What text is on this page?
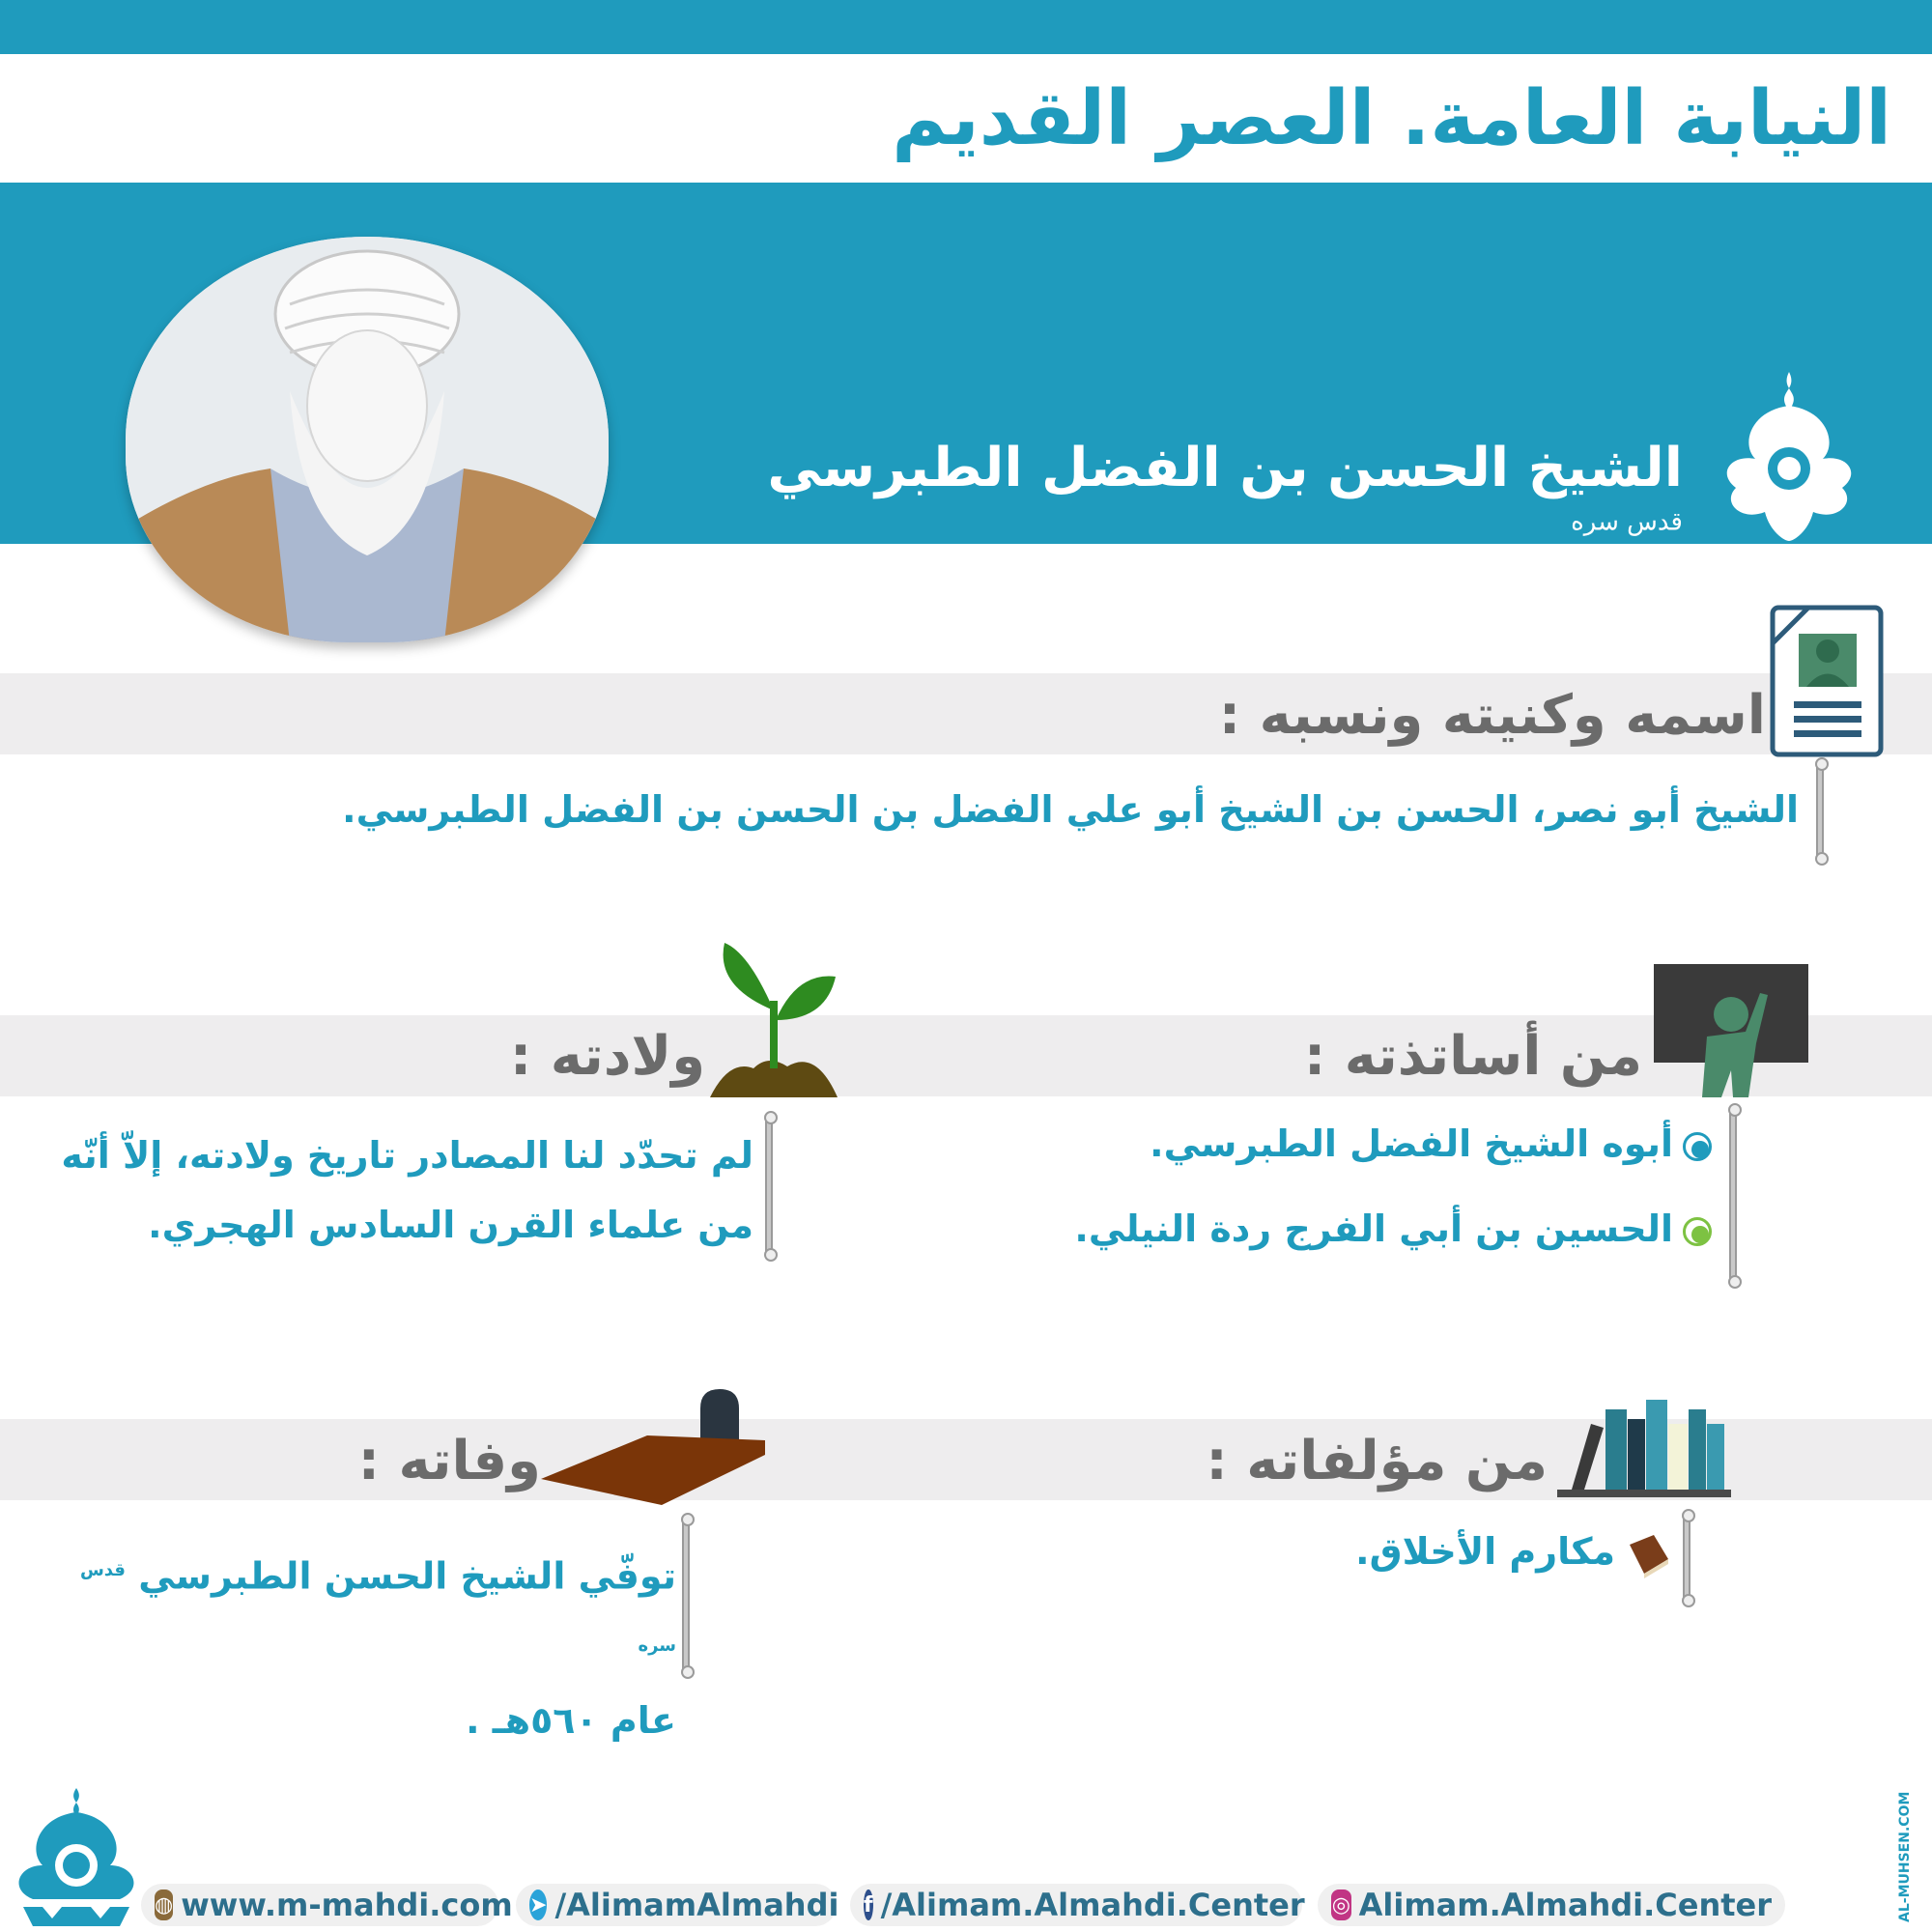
النيابة العامة. العصر القديم
الشيخ الحسن بن الفضل الطبرسي $^{قدس سره}$
اسمه وكنيته ونسبه :
الشيخ أبو نصر، الحسن بن الشيخ أبو علي الفضل بن الحسن بن الفضل الطبرسي.
من أساتذته :
أبوه الشيخ الفضل الطبرسي.
الحسين بن أبي الفرج ردة النيلي.
ولادته :
لم تحدّد لنا المصادر تاريخ ولادته، إلاّ أنّه من علماء القرن السادس الهجري.
من مؤلفاته :
مكارم الأخلاق.
وفاته :
توفّي الشيخ الحسن الطبرسي $^{قدس سره}$
عام ٥٦٠هـ .
◍ www.m-mahdi.com ➤ /AlimamAlmahdi f /Alimam.Almahdi.Center ◎ Alimam.Almahdi.Center	AL-MUHSEN.COM
